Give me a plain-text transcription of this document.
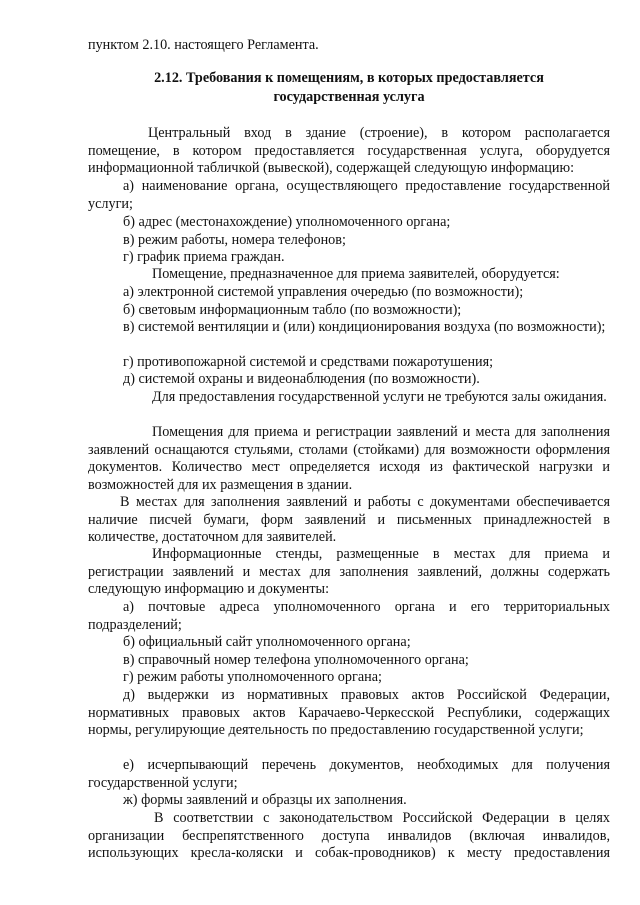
пунктом 2.10. настоящего Регламента.

2.12. Требования к помещениям, в которых предоставляется
государственная услуга

Центральный вход в здание (строение), в котором располагается помещение, в котором предоставляется государственная услуга, оборудуется информационной табличкой (вывеской), содержащей следующую информацию:

а) наименование органа, осуществляющего предоставление государственной услуги;

б) адрес (местонахождение) уполномоченного органа;

в) режим работы, номера телефонов;

г) график приема граждан.

Помещение, предназначенное для приема заявителей, оборудуется:

а) электронной системой управления очередью (по возможности);

б) световым информационным табло (по возможности);

в) системой вентиляции и (или) кондиционирования воздуха (по возможности);

г) противопожарной системой и средствами пожаротушения;

д) системой охраны и видеонаблюдения (по возможности).

Для предоставления государственной услуги не требуются залы ожидания.

Помещения для приема и регистрации заявлений и места для заполнения заявлений оснащаются стульями, столами (стойками) для возможности оформления документов. Количество мест определяется исходя из фактической нагрузки и возможностей для их размещения в здании.

В местах для заполнения заявлений и работы с документами обеспечивается наличие писчей бумаги, форм заявлений и письменных принадлежностей в количестве, достаточном для заявителей.

Информационные стенды, размещенные в местах для приема и регистрации заявлений и местах для заполнения заявлений, должны содержать следующую информацию и документы:

а) почтовые адреса уполномоченного органа и его территориальных подразделений;

б) официальный сайт уполномоченного органа;

в) справочный номер телефона уполномоченного органа;

г) режим работы уполномоченного органа;

д) выдержки из нормативных правовых актов Российской Федерации, нормативных правовых актов Карачаево-Черкесской Республики, содержащих нормы, регулирующие деятельность по предоставлению государственной услуги;

е) исчерпывающий перечень документов, необходимых для получения государственной услуги;

ж) формы заявлений и образцы их заполнения.

В соответствии с законодательством Российской Федерации в целях организации беспрепятственного доступа инвалидов (включая инвалидов, использующих кресла-коляски и собак-проводников) к месту предоставления
